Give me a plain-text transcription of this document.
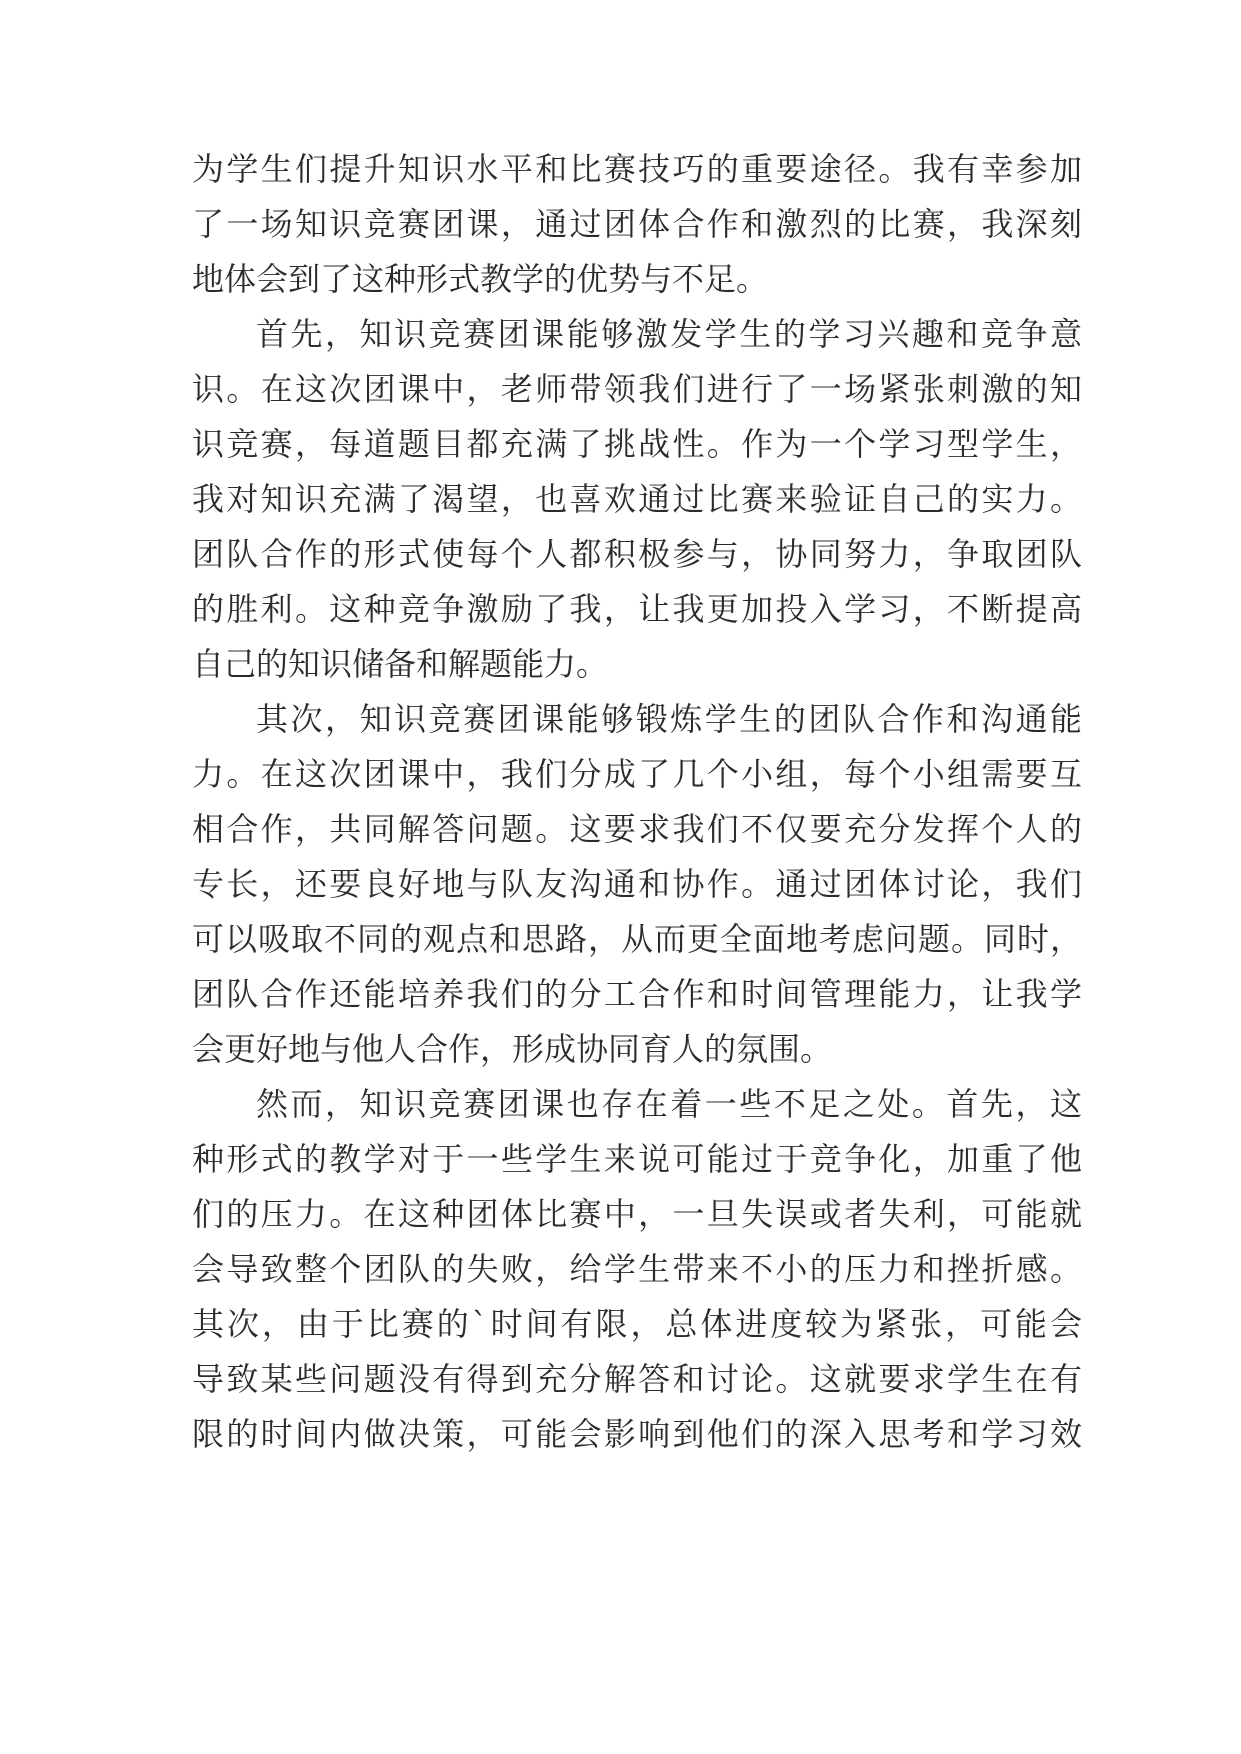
为学生们提升知识水平和比赛技巧的重要途径。我有幸参加
了一场知识竞赛团课，通过团体合作和激烈的比赛，我深刻
地体会到了这种形式教学的优势与不足。
首先，知识竞赛团课能够激发学生的学习兴趣和竞争意
识。在这次团课中，老师带领我们进行了一场紧张刺激的知
识竞赛，每道题目都充满了挑战性。作为一个学习型学生，
我对知识充满了渴望，也喜欢通过比赛来验证自己的实力。
团队合作的形式使每个人都积极参与，协同努力，争取团队
的胜利。这种竞争激励了我，让我更加投入学习，不断提高
自己的知识储备和解题能力。
其次，知识竞赛团课能够锻炼学生的团队合作和沟通能
力。在这次团课中，我们分成了几个小组，每个小组需要互
相合作，共同解答问题。这要求我们不仅要充分发挥个人的
专长，还要良好地与队友沟通和协作。通过团体讨论，我们
可以吸取不同的观点和思路，从而更全面地考虑问题。同时，
团队合作还能培养我们的分工合作和时间管理能力，让我学
会更好地与他人合作，形成协同育人的氛围。
然而，知识竞赛团课也存在着一些不足之处。首先，这
种形式的教学对于一些学生来说可能过于竞争化，加重了他
们的压力。在这种团体比赛中，一旦失误或者失利，可能就
会导致整个团队的失败，给学生带来不小的压力和挫折感。
其次，由于比赛的`时间有限，总体进度较为紧张，可能会
导致某些问题没有得到充分解答和讨论。这就要求学生在有
限的时间内做决策，可能会影响到他们的深入思考和学习效
